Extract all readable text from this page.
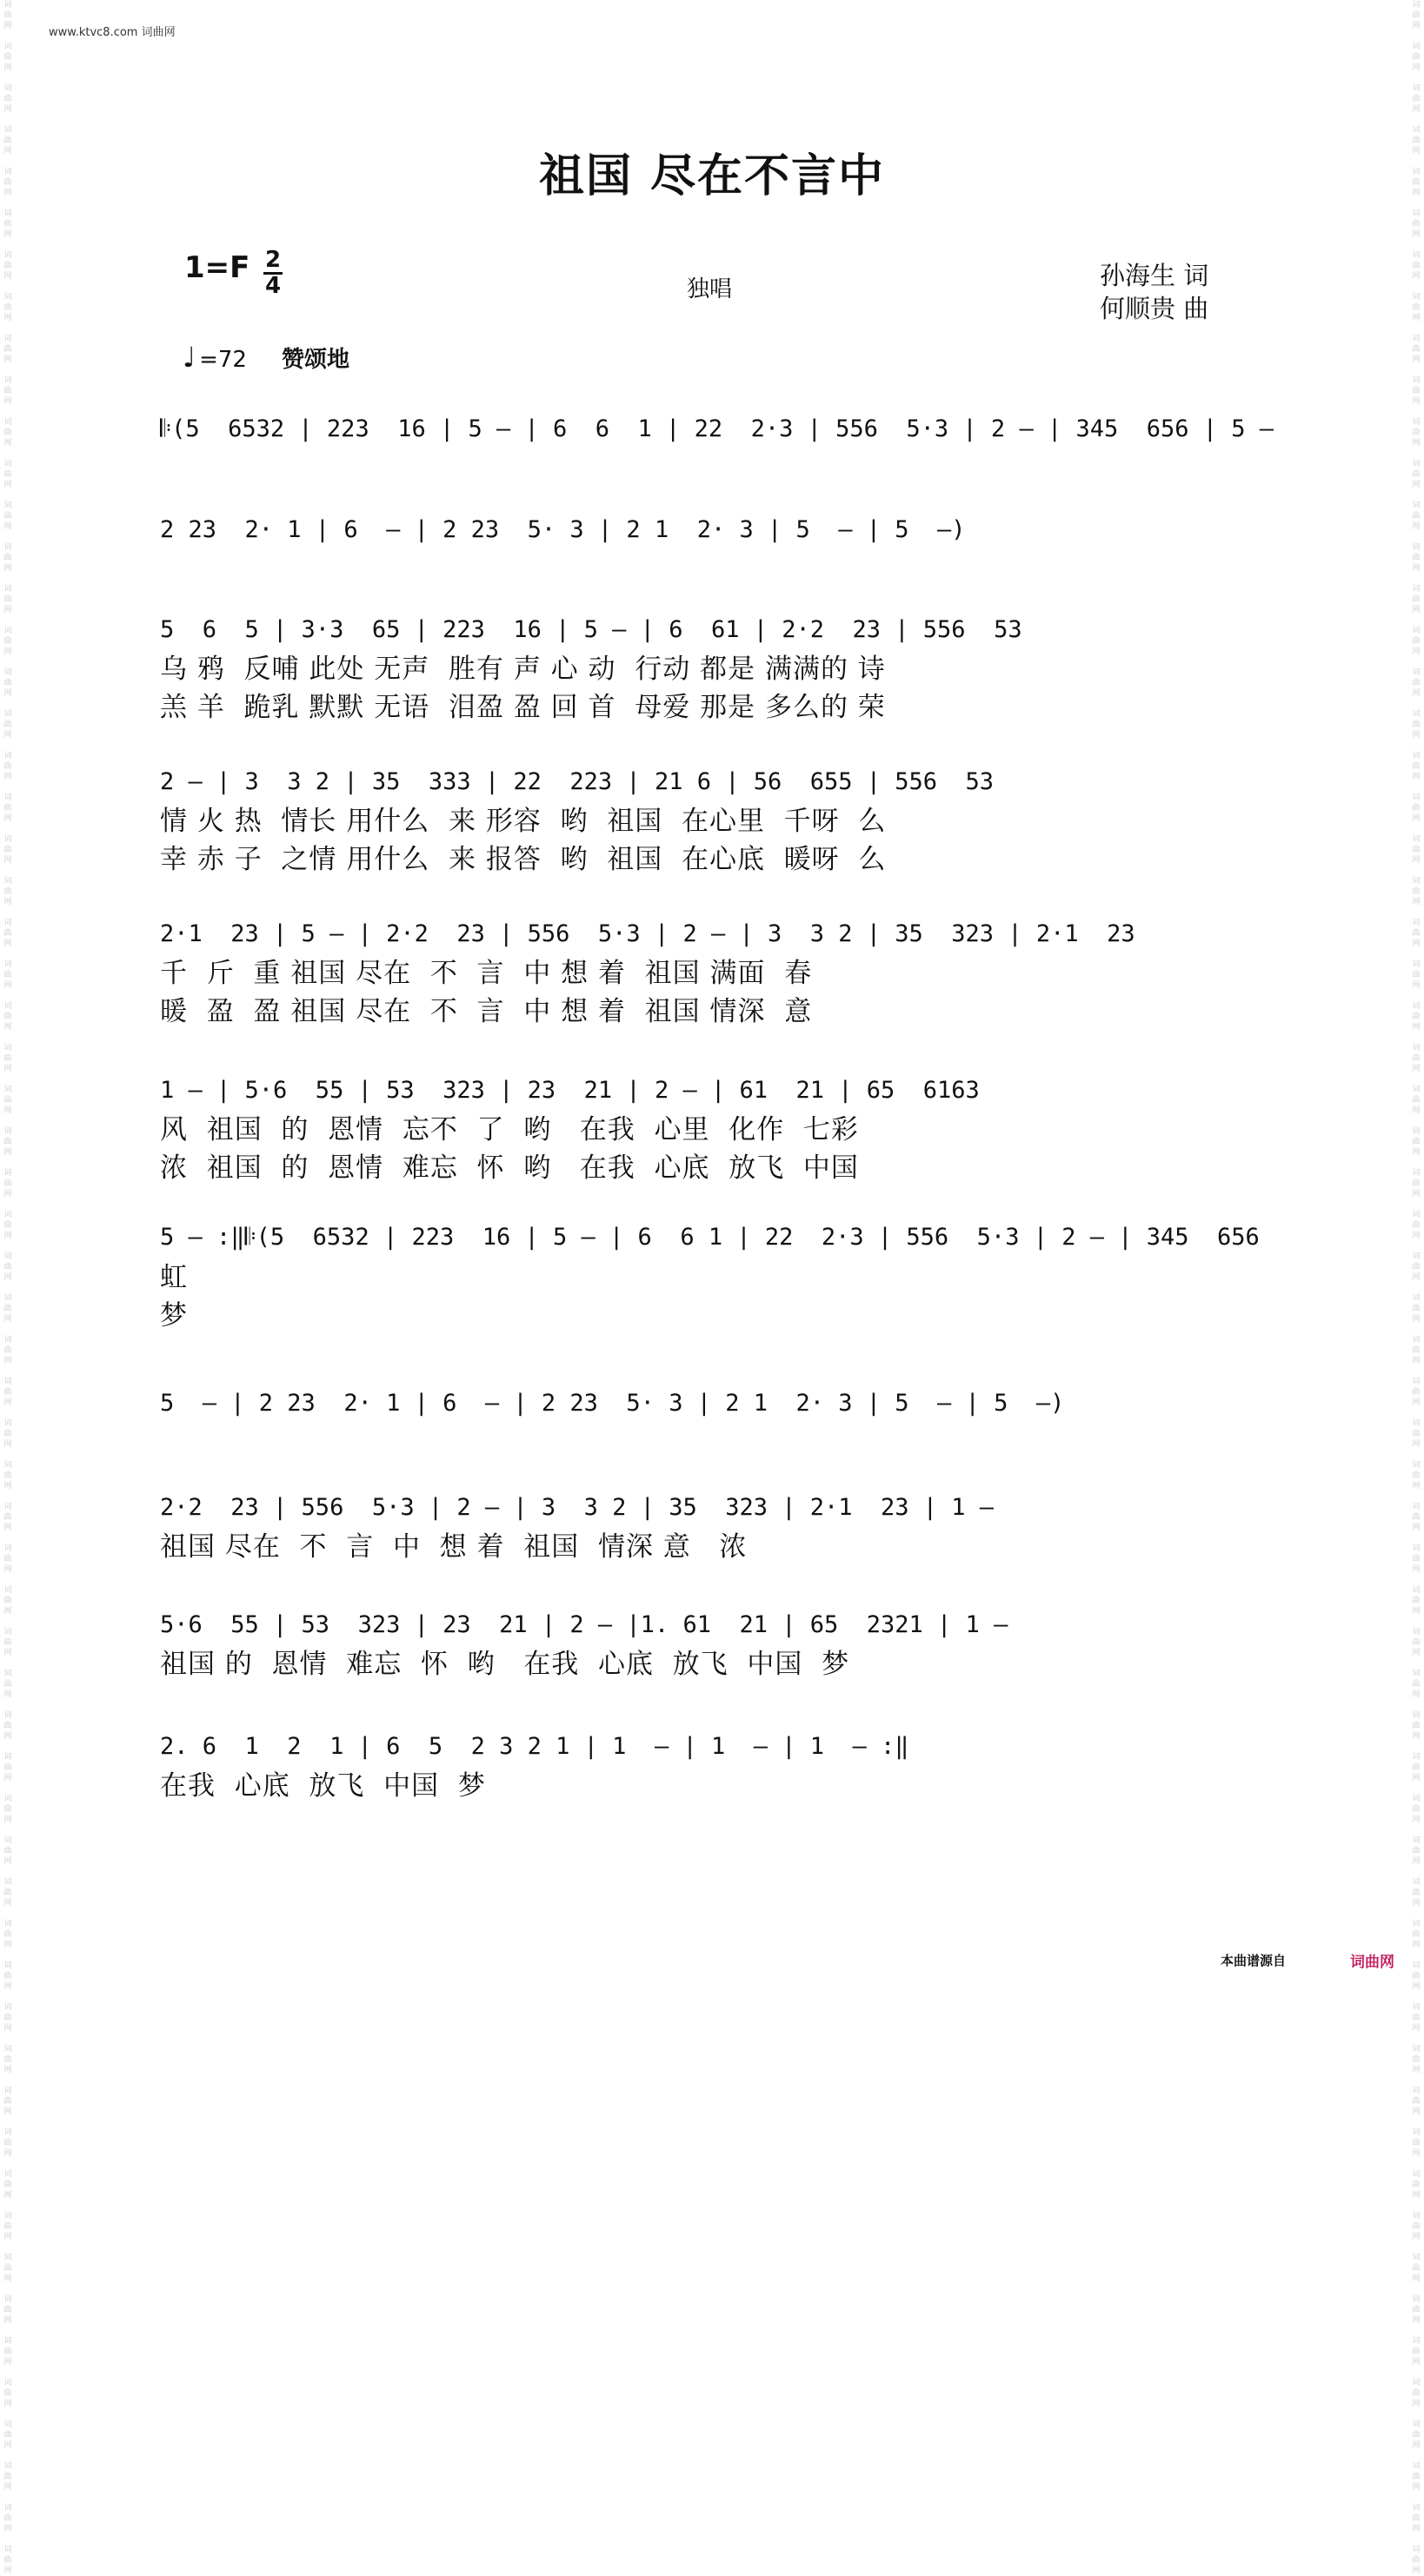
词
曲
网

词
曲
网

词
曲
网

词
曲
网

词
曲
网

词
曲
网

词
曲
网

词
曲
网

词
曲
网

词
曲
网

词
曲
网

词
曲
网

词
曲
网

词
曲
网

词
曲
网

词
曲
网

词
曲
网

词
曲
网

词
曲
网

词
曲
网

词
曲
网

词
曲
网

词
曲
网

词
曲
网

词
曲
网

词
曲
网

词
曲
网

词
曲
网

词
曲
网

词
曲
网

词
曲
网

词
曲
网

词
曲
网

词
曲
网

词
曲
网

词
曲
网

词
曲
网

词
曲
网

词
曲
网

词
曲
网

词
曲
网

词
曲
网

词
曲
网

词
曲
网

词
曲
网

词
曲
网

词
曲
网

词
曲
网

词
曲
网

词
曲
网

词
曲
网

词
曲
网

词
曲
网

词
曲
网

词
曲
网

词
曲
网

词
曲
网

词
曲
网

词
曲
网

词
曲
网

词
曲
网

词
曲
网

词
曲
网

词
曲
网

词
曲
网

词
曲
网

词
曲
网

词
曲
网

词
曲
网

词
曲
网

词
曲
网

词
曲
网

词
曲
网

词
曲
网

词
曲
网

词
曲
网

词
曲
网

词
曲
网

词
曲
网

词
曲
网

词
曲
网

词
曲
网

词
曲
网

词
曲
网

词
曲
网

词
曲
网

词
曲
网

词
曲
网

词
曲
网

词
曲
网

词
曲
网

词
曲
网

词
曲
网

词
曲
网

词
曲
网

词
曲
网

词
曲
网

词
曲
网

词
曲
网

词
曲
网

词
曲
网

词
曲
网

词
曲
网

词
曲
网

词
曲
网

词
曲
网

词
曲
网

词
曲
网

词
曲
网

词
曲
网

词
曲
网

词
曲
网

词
曲
网

词
曲
网

词
曲
网

词
曲
网

词
曲
网

词
曲
网

词
曲
网

词
曲
网

词
曲
网

词
曲
网

词
曲
网

词
曲
网

www.ktvc8.com 词曲网
祖国 尽在不言中
1=F 2
4	独唱	孙海生 词
何顺贵 曲
♩ =72 赞颂地
𝄆(5  6532 | 223  16 | 5 – | 6  6  1 | 22  2·3 | 556  5·3 | 2 – | 345  656 | 5 –
2 23  2· 1 | 6  – | 2 23  5· 3 | 2 1  2· 3 | 5  – | 5  –)
5  6  5 | 3·3  65 | 223  16 | 5 – | 6  61 | 2·2  23 | 556  53
乌 鸦  反哺 此处 无声  胜有 声 心 动  行动 都是 满满的 诗
羔 羊  跪乳 默默 无语  泪盈 盈 回 首  母爱 那是 多么的 荣
2 – | 3  3 2 | 35  333 | 22  223 | 21 6 | 56  655 | 556  53
情 火 热  情长 用什么  来 形容  哟  祖国  在心里  千呀  么
幸 赤 子  之情 用什么  来 报答  哟  祖国  在心底  暖呀  么
2·1  23 | 5 – | 2·2  23 | 556  5·3 | 2 – | 3  3 2 | 35  323 | 2·1  23
千  斤  重 祖国 尽在  不  言  中 想 着  祖国 满面  春
暖  盈  盈 祖国 尽在  不  言  中 想 着  祖国 情深  意
1 – | 5·6  55 | 53  323 | 23  21 | 2 – | 61  21 | 65  6163
风  祖国  的  恩情  忘不  了  哟   在我  心里  化作  七彩
浓  祖国  的  恩情  难忘  怀  哟   在我  心底  放飞  中国
5 – :‖𝄆(5  6532 | 223  16 | 5 – | 6  6 1 | 22  2·3 | 556  5·3 | 2 – | 345  656
虹
梦
5  – | 2 23  2· 1 | 6  – | 2 23  5· 3 | 2 1  2· 3 | 5  – | 5  –)
2·2  23 | 556  5·3 | 2 – | 3  3 2 | 35  323 | 2·1  23 | 1 –
祖国 尽在  不  言  中  想 着  祖国  情深 意   浓
5·6  55 | 53  323 | 23  21 | 2 – |1. 61  21 | 65  2321 | 1 –
祖国 的  恩情  难忘  怀  哟   在我  心底  放飞  中国  梦
2. 6  1  2  1 | 6  5  2 3 2 1 | 1  – | 1  – | 1  – :‖
在我  心底  放飞  中国  梦
本曲谱源自	词曲网
